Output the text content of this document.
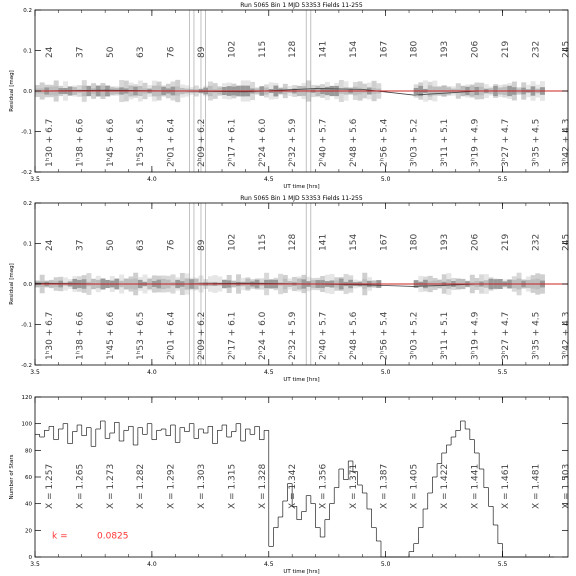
24
1ʰ30 + 6.7
37
1ʰ38 + 6.6
50
1ʰ45 + 6.6
63
1ʰ53 + 6.5
76
2ʰ01 + 6.4
89
2ʰ09 + 6.2
102
2ʰ17 + 6.1
115
2ʰ24 + 6.0
128
2ʰ32 + 5.9
141
2ʰ40 + 5.7
154
2ʰ48 + 5.6
167
2ʰ56 + 5.4
180
3ʰ03 + 5.2
193
3ʰ11 + 5.1
206
3ʰ19 + 4.9
219
3ʰ27 + 4.7
232
3ʰ35 + 4.5
245
3ʰ42 + 4.3
3.5	4.0	4.5	5.0	5.5
-0.2
-0.1
0.0
0.1
0.2
UT time [hrs]
Residual [mag]
Run 5065 Bin 1 MJD 53353 Fields 11-255
24
1ʰ30 + 6.7
37
1ʰ38 + 6.6
50
1ʰ45 + 6.6
63
1ʰ53 + 6.5
76
2ʰ01 + 6.4
89
2ʰ09 + 6.2
102
2ʰ17 + 6.1
115
2ʰ24 + 6.0
128
2ʰ32 + 5.9
141
2ʰ40 + 5.7
154
2ʰ48 + 5.6
167
2ʰ56 + 5.4
180
3ʰ03 + 5.2
193
3ʰ11 + 5.1
206
3ʰ19 + 4.9
219
3ʰ27 + 4.7
232
3ʰ35 + 4.5
245
3ʰ42 + 4.3
3.5	4.0	4.5	5.0	5.5
-0.2
-0.1
0.0
0.1
0.2
UT time [hrs]
Residual [mag]
Run 5065 Bin 1 MJD 53353 Fields 11-255
X = 1.257 X = 1.265 X = 1.273 X = 1.282 X = 1.292 X = 1.303 X = 1.315 X = 1.328 X = 1.342 X = 1.356 X = 1.371 X = 1.387 X = 1.405 X = 1.422 X = 1.441 X = 1.461 X = 1.481 X = 1.503
k =	0.0825
3.5	4.0	4.5	5.0	5.5
0
20
40
60
80
100
120
UT time [hrs]
Number of Stars
